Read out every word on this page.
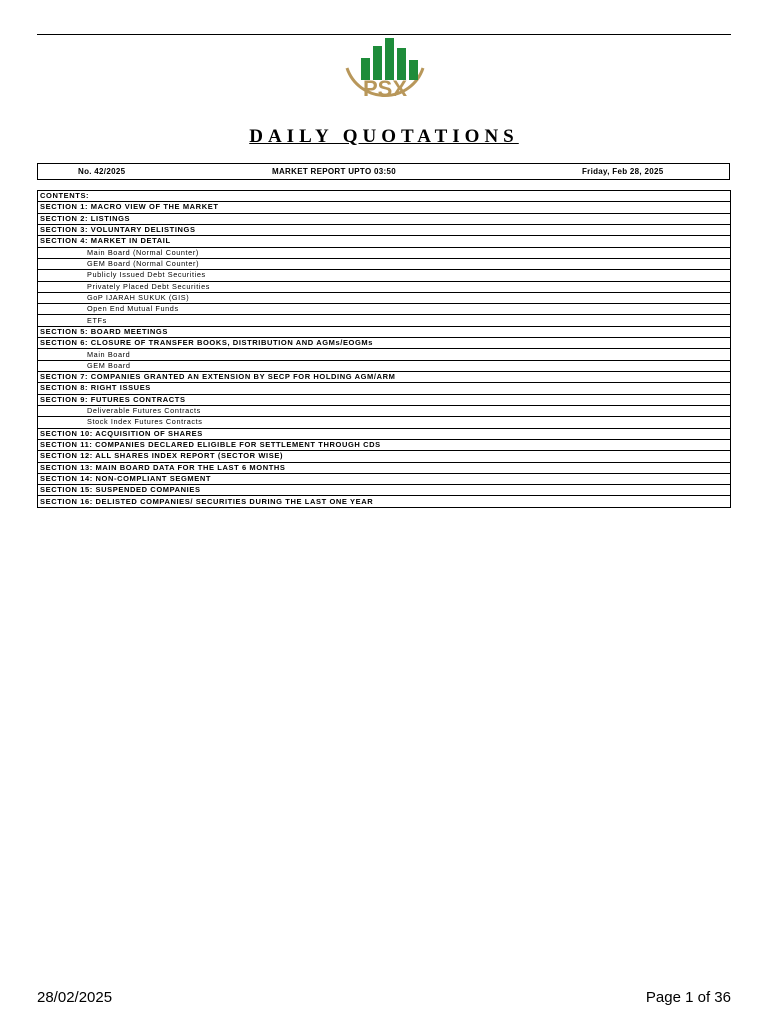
PSX
DAILY QUOTATIONS
No. 42/2025	MARKET REPORT UPTO 03:50	Friday, Feb 28, 2025
CONTENTS:
SECTION 1: MACRO VIEW OF THE MARKET
SECTION 2: LISTINGS
SECTION 3: VOLUNTARY DELISTINGS
SECTION 4: MARKET IN DETAIL
Main Board (Normal Counter)
GEM Board (Normal Counter)
Publicly Issued Debt Securities
Privately Placed Debt Securities
GoP IJARAH SUKUK (GIS)
Open End Mutual Funds
ETFs
SECTION 5: BOARD MEETINGS
SECTION 6: CLOSURE OF TRANSFER BOOKS, DISTRIBUTION AND AGMs/EOGMs
Main Board
GEM Board
SECTION 7: COMPANIES GRANTED AN EXTENSION BY SECP FOR HOLDING AGM/ARM
SECTION 8: RIGHT ISSUES
SECTION 9: FUTURES CONTRACTS
Deliverable Futures Contracts
Stock Index Futures Contracts
SECTION 10: ACQUISITION OF SHARES
SECTION 11: COMPANIES DECLARED ELIGIBLE FOR SETTLEMENT THROUGH CDS
SECTION 12: ALL SHARES INDEX REPORT (SECTOR WISE)
SECTION 13: MAIN BOARD DATA FOR THE LAST 6 MONTHS
SECTION 14: NON-COMPLIANT SEGMENT
SECTION 15: SUSPENDED COMPANIES
SECTION 16: DELISTED COMPANIES/ SECURITIES DURING THE LAST ONE YEAR
28/02/2025	Page 1 of 36
